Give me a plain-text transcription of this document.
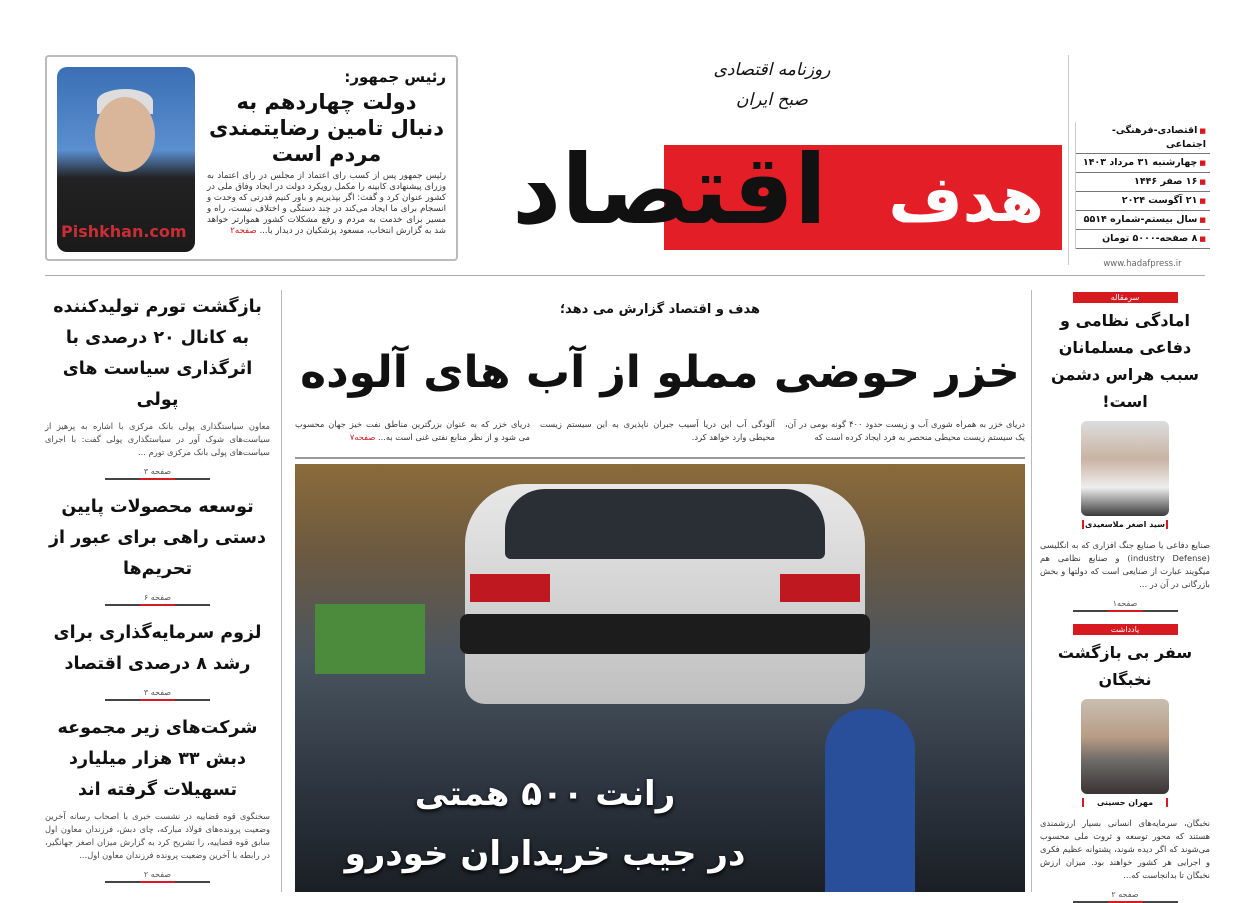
Pishkhan.com
رئیس جمهور:
دولت چهاردهم به دنبال تامین رضایتمندی مردم است
رئیس جمهور پس از کسب رای اعتماد از مجلس در رای اعتماد به وزرای پیشنهادی کابینه را مکمل رویکرد دولت در ایجاد وفاق ملی در کشور عنوان کرد و گفت: اگر بپذیریم و باور کنیم قدرتی که وحدت و انسجام برای ما ایجاد می‌کند در چند دستگی و اختلاف نیست، راه و مسیر برای خدمت به مردم و رفع مشکلات کشور هموارتر خواهد شد به گزارش انتخاب، مسعود پزشکیان در دیدار با... صفحه۲	اقتصاد هدف
روزنامه اقتصادی
صبح ایران
■ اقتصادی-فرهنگی-اجتماعی
■ چهارشنبه ۳۱ مرداد ۱۴۰۳
■ ۱۶ صفر ۱۴۴۶
■ ۲۱ آگوست ۲۰۲۴
■ سال بیستم-شماره ۵۵۱۴
■ ۸ صفحه-۵۰۰۰ تومان
www.hadafpress.ir
بازگشت تورم تولیدکننده به کانال ۲۰ درصدی با اثرگذاری سیاست های پولی

معاون سیاستگذاری پولی بانک مرکزی با اشاره به پرهیز از سیاست‌های شوک آور در سیاستگذاری پولی گفت: با اجرای سیاست‌های پولی بانک مرکزی تورم ...

صفحه ۳
توسعه محصولات پایین دستی راهی برای عبور از تحریم‌ها
صفحه ۶
لزوم سرمایه‌گذاری برای رشد ۸ درصدی اقتصاد
صفحه ۳
شرکت‌های زیر مجموعه دبش ۳۳ هزار میلیارد تسهیلات گرفته اند

سخنگوی قوه قضاییه در نشست خبری با اصحاب رسانه آخرین وضعیت پرونده‌های فولاد مبارکه، چای دبش، فرزندان معاون اول سابق قوه قضاییه، را تشریح کرد به گزارش میزان اصغر جهانگیر، در رابطه با آخرین وضعیت پرونده فرزندان معاون اول...

صفحه ۲
هدف و اقتصاد گزارش می دهد؛
خزر حوضی مملو از آب های آلوده
دریای خزر به همراه شوری آب و زیست حدود ۴۰۰ گونه بومی در آن، یک سیستم زیست محیطی منحصر به فرد ایجاد کرده است که
آلودگی آب این دریا آسیب جبران ناپذیری به این سیستم زیست محیطی وارد خواهد کرد.
دریای خزر که به عنوان بزرگترین مناطق نفت خیز جهان محسوب می شود و از نظر منابع نفتی غنی است به... صفحه۷
رانت ۵۰۰ همتی
در جیب خریداران خودرو
سرمقاله
امادگی نظامی و دفاعی مسلمانان سبب هراس دشمن است!
سید اصغر ملاسعیدی

صنایع دفاعی یا صنایع جنگ افزاری که به انگلیسی (industry Defense) و صنایع نظامی هم میگویند عبارت از صنایعی است که دولتها و بخش بازرگانی در آن در ...

صفحه۱
یادداشت
سفر بی بازگشت نخبگان
مهران حسینی

نخبگان، سرمایه‌های انسانی بسیار ارزشمندی هستند که محور توسعه و ثروت ملی محسوب می‌شوند که اگر دیده شوند، پشتوانه عظیم فکری و اجرایی هر کشور خواهند بود. میزان ارزش نخبگان تا بدانجاست که...

صفحه ۲
